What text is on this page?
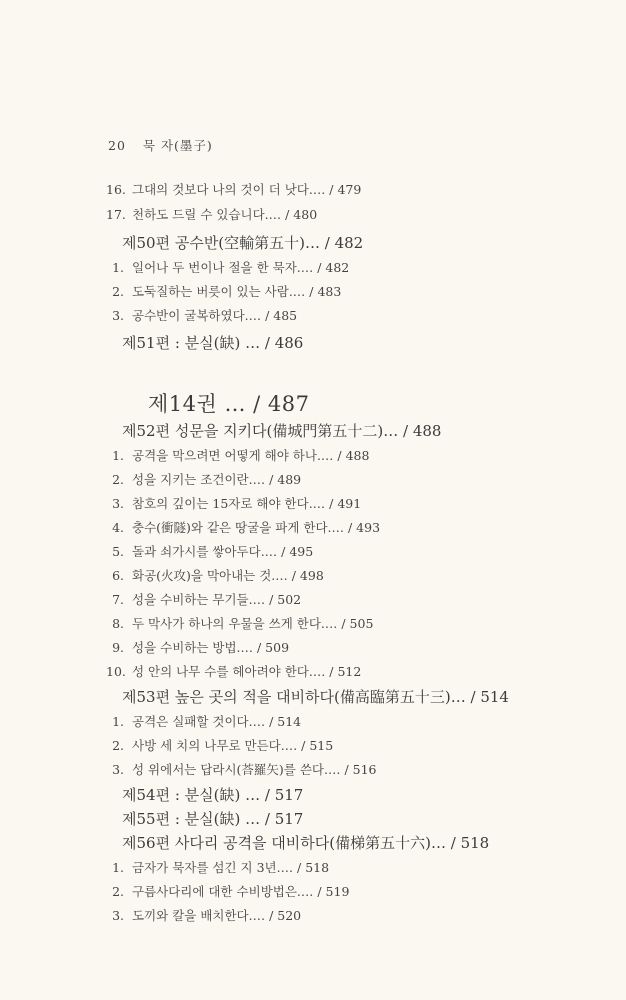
20 묵 자(墨子)
16. 그대의 것보다 나의 것이 더 낫다.… / 479
17. 천하도 드릴 수 있습니다.… / 480
제50편 공수반(空輸第五十)… / 482
1. 일어나 두 번이나 절을 한 묵자.… / 482
2. 도둑질하는 버릇이 있는 사람.… / 483
3. 공수반이 굴복하였다.… / 485
제51편 : 분실(缺) … / 486
제14권 … / 487
제52편 성문을 지키다(備城門第五十二)… / 488
1. 공격을 막으려면 어떻게 해야 하나.… / 488
2. 성을 지키는 조건이란.… / 489
3. 참호의 깊이는 15자로 해야 한다.… / 491
4. 충수(衝隧)와 같은 땅굴을 파게 한다.… / 493
5. 돌과 쇠가시를 쌓아두다.… / 495
6. 화공(火攻)을 막아내는 것.… / 498
7. 성을 수비하는 무기들.… / 502
8. 두 막사가 하나의 우물을 쓰게 한다.… / 505
9. 성을 수비하는 방법.… / 509
10. 성 안의 나무 수를 헤아려야 한다.… / 512
제53편 높은 곳의 적을 대비하다(備高臨第五十三)… / 514
1. 공격은 실패할 것이다.… / 514
2. 사방 세 치의 나무로 만든다.… / 515
3. 성 위에서는 답라시(荅羅矢)를 쓴다.… / 516
제54편 : 분실(缺) … / 517
제55편 : 분실(缺) … / 517
제56편 사다리 공격을 대비하다(備梯第五十六)… / 518
1. 금자가 묵자를 섬긴 지 3년.… / 518
2. 구름사다리에 대한 수비방법은.… / 519
3. 도끼와 칼을 배치한다.… / 520
